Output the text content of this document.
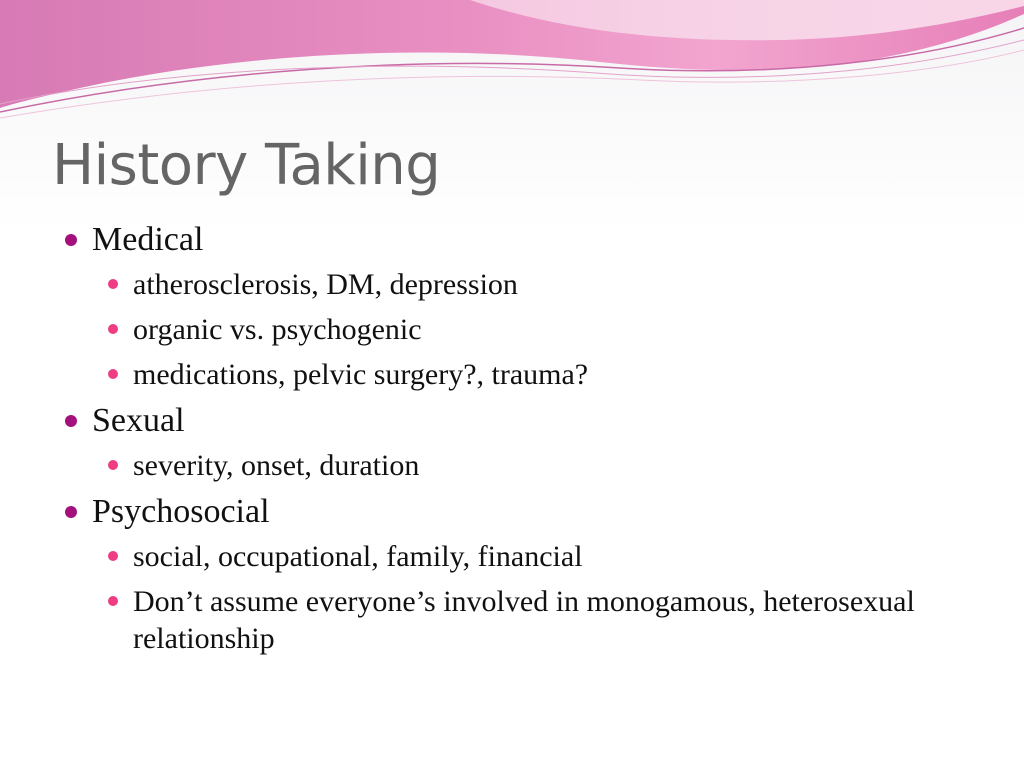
History Taking
Medical
atherosclerosis, DM, depression
organic vs. psychogenic
medications, pelvic surgery?, trauma?
Sexual
severity, onset, duration
Psychosocial
social, occupational, family, financial
Don’t assume everyone’s involved in monogamous, heterosexual relationship
